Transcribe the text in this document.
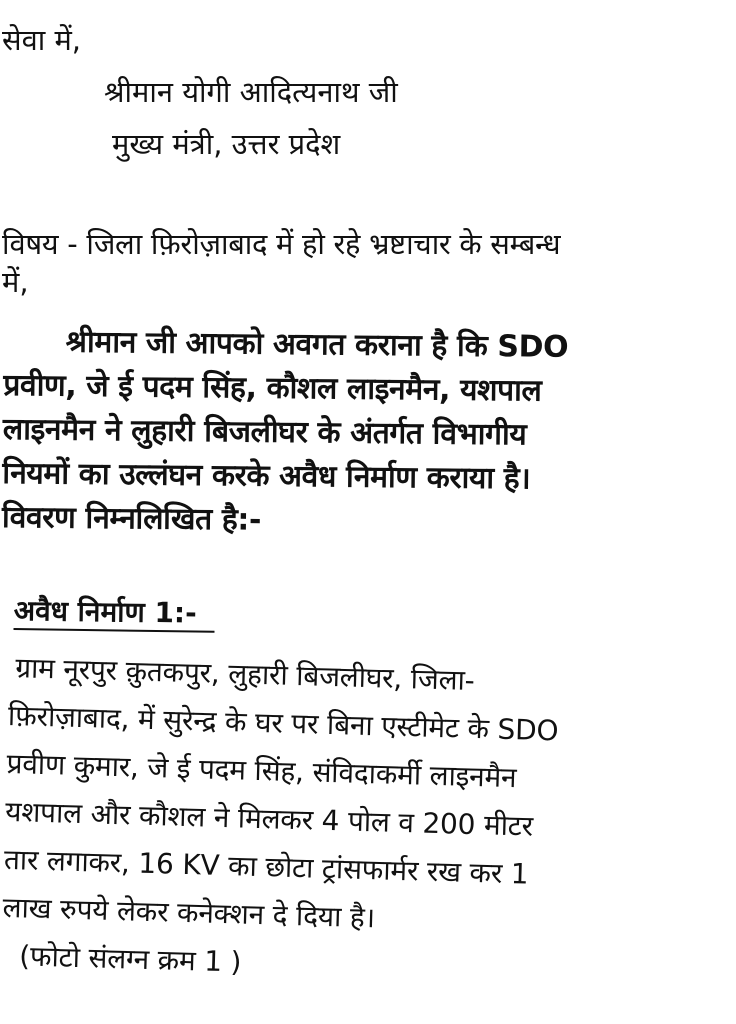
सेवा में,
श्रीमान योगी आदित्यनाथ जी
मुख्य मंत्री, उत्तर प्रदेश
विषय - जिला फ़िरोज़ाबाद में हो रहे भ्रष्टाचार के सम्बन्ध
में,
श्रीमान जी आपको अवगत कराना है कि SDO
प्रवीण, जे ई पदम सिंह, कौशल लाइनमैन, यशपाल
लाइनमैन ने लुहारी बिजलीघर के अंतर्गत विभागीय
नियमों का उल्लंघन करके अवैध निर्माण कराया है।
विवरण निम्नलिखित है:-
अवैध निर्माण 1:-
ग्राम नूरपुर क़ुतकपुर, लुहारी बिजलीघर, जिला-
फ़िरोज़ाबाद, में सुरेन्द्र के घर पर बिना एस्टीमेट के SDO
प्रवीण कुमार, जे ई पदम सिंह, संविदाकर्मी लाइनमैन
यशपाल और कौशल ने मिलकर 4 पोल व 200 मीटर
तार लगाकर, 16 KV का छोटा ट्रांसफार्मर रख कर 1
लाख रुपये लेकर कनेक्शन दे दिया है।
(फोटो संलग्न क्रम 1 )
